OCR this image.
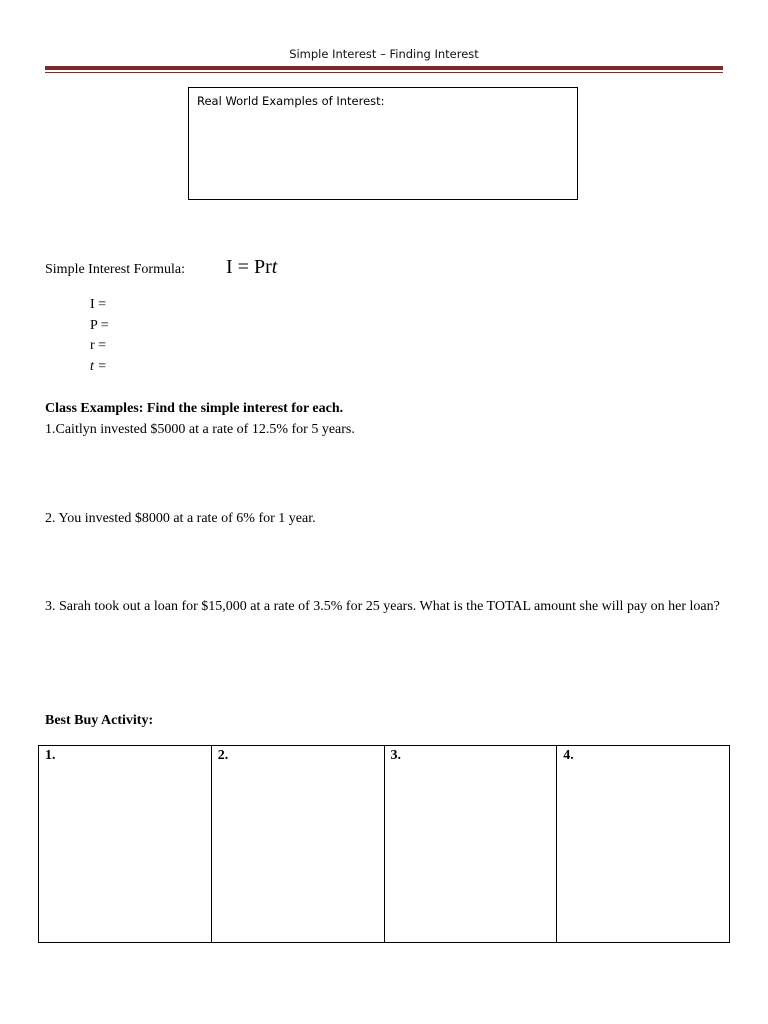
Simple Interest – Finding Interest
Real World Examples of Interest:
Simple Interest Formula: I = Prt
I =
P =
r =
t =
Class Examples: Find the simple interest for each.
1.Caitlyn invested $5000 at a rate of 12.5% for 5 years.
2. You invested $8000 at a rate of 6% for 1 year.
3. Sarah took out a loan for $15,000 at a rate of 3.5% for 25 years. What is the TOTAL amount she will pay on her loan?
Best Buy Activity:
1.	2.	3.	4.
